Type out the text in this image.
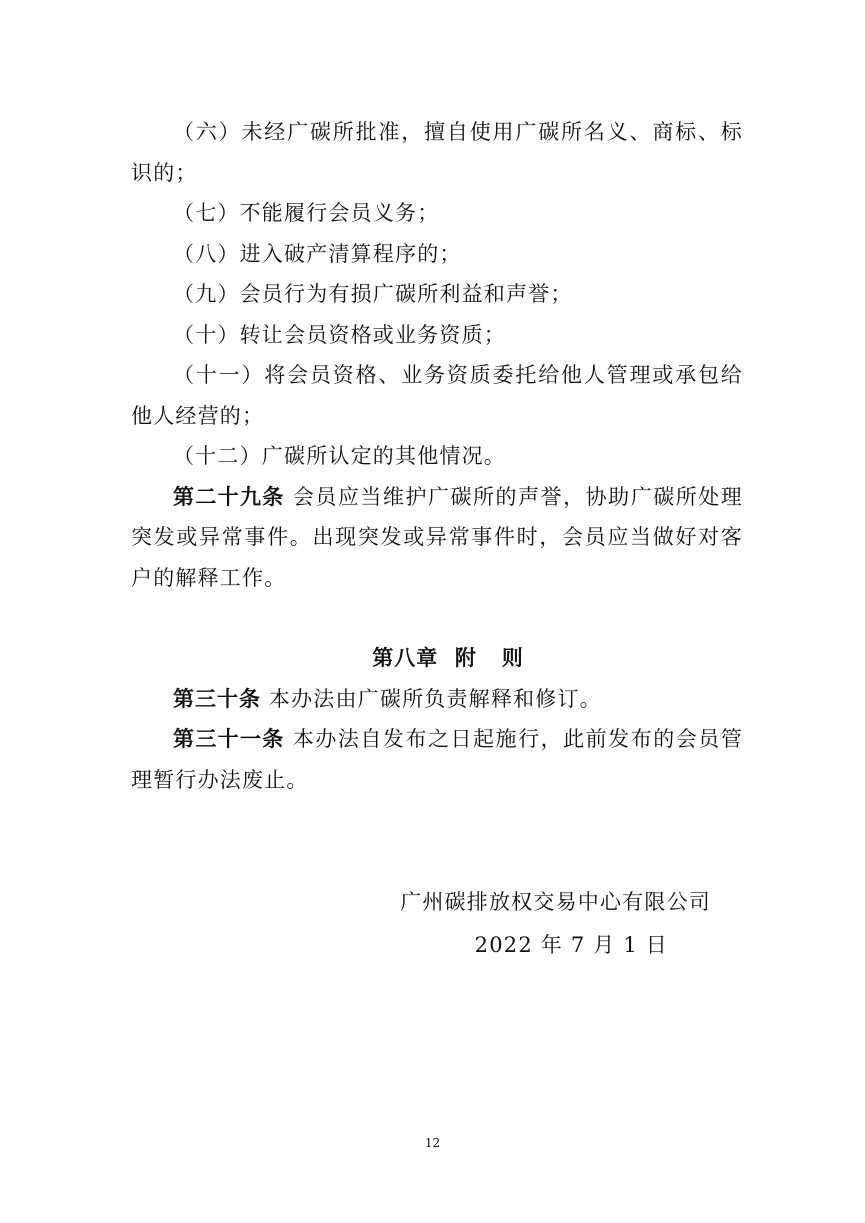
（六）未经广碳所批准，擅自使用广碳所名义、商标、标识的；

（七）不能履行会员义务；

（八）进入破产清算程序的；

（九）会员行为有损广碳所利益和声誉；

（十）转让会员资格或业务资质；

（十一）将会员资格、业务资质委托给他人管理或承包给他人经营的；

（十二）广碳所认定的其他情况。

第二十九条 会员应当维护广碳所的声誉，协助广碳所处理突发或异常事件。出现突发或异常事件时，会员应当做好对客户的解释工作。

第八章  附   则

第三十条 本办法由广碳所负责解释和修订。

第三十一条 本办法自发布之日起施行，此前发布的会员管理暂行办法废止。

广州碳排放权交易中心有限公司
2022 年 7 月 1 日
12
